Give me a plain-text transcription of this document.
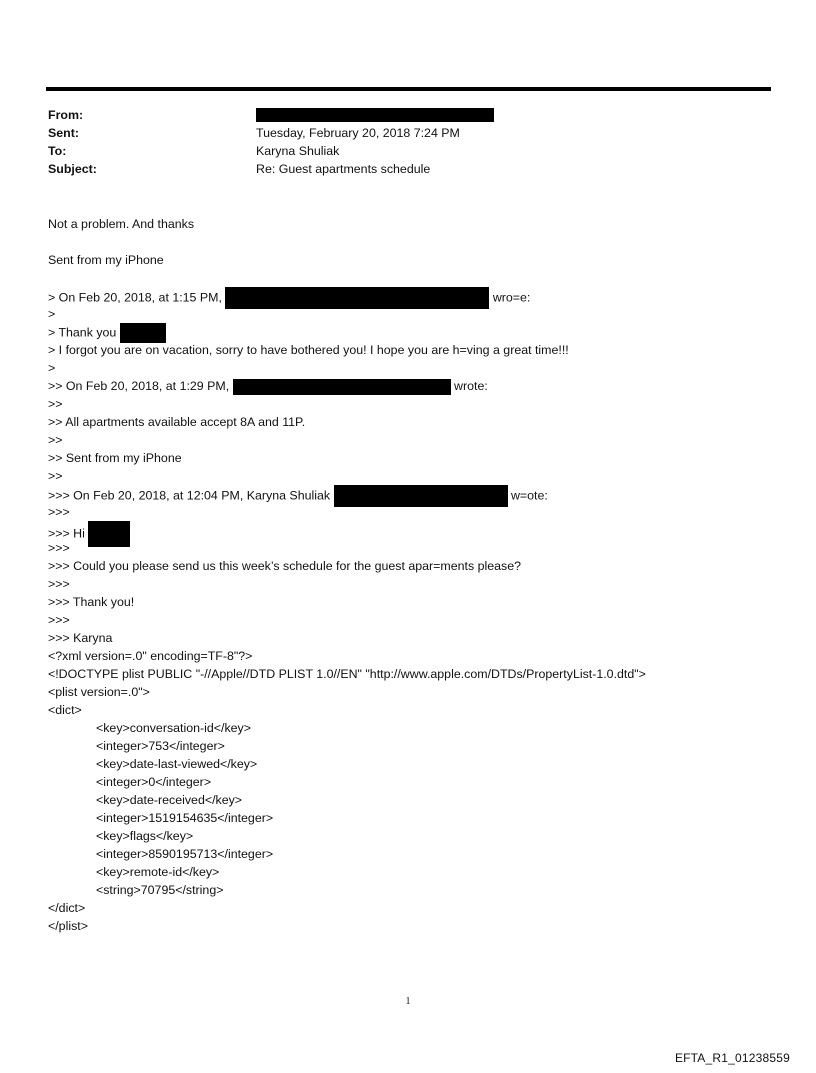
From:
Sent:	Tuesday, February 20, 2018 7:24 PM
To:	Karyna Shuliak
Subject:	Re: Guest apartments schedule
Not a problem. And thanks
Sent from my iPhone
> On Feb 20, 2018, at 1:15 PM,	wro=e:
>
> Thank you
> I forgot you are on vacation, sorry to have bothered you! I hope you are h=ving a great time!!!
>
>> On Feb 20, 2018, at 1:29 PM,	wrote:
>>
>> All apartments available accept 8A and 11P.
>>
>> Sent from my iPhone
>>
>>> On Feb 20, 2018, at 12:04 PM, Karyna Shuliak	w=ote:
>>>
>>> Hi
>>>
>>> Could you please send us this week’s schedule for the guest apar=ments please?
>>>
>>> Thank you!
>>>
>>> Karyna
<?xml version=.0" encoding=TF-8"?>
<!DOCTYPE plist PUBLIC "-//Apple//DTD PLIST 1.0//EN" "http://www.apple.com/DTDs/PropertyList-1.0.dtd">
<plist version=.0">
<dict>
<key>conversation-id</key>
<integer>753</integer>
<key>date-last-viewed</key>
<integer>0</integer>
<key>date-received</key>
<integer>1519154635</integer>
<key>flags</key>
<integer>8590195713</integer>
<key>remote-id</key>
<string>70795</string>
</dict>
</plist>
1
EFTA_R1_01238559
